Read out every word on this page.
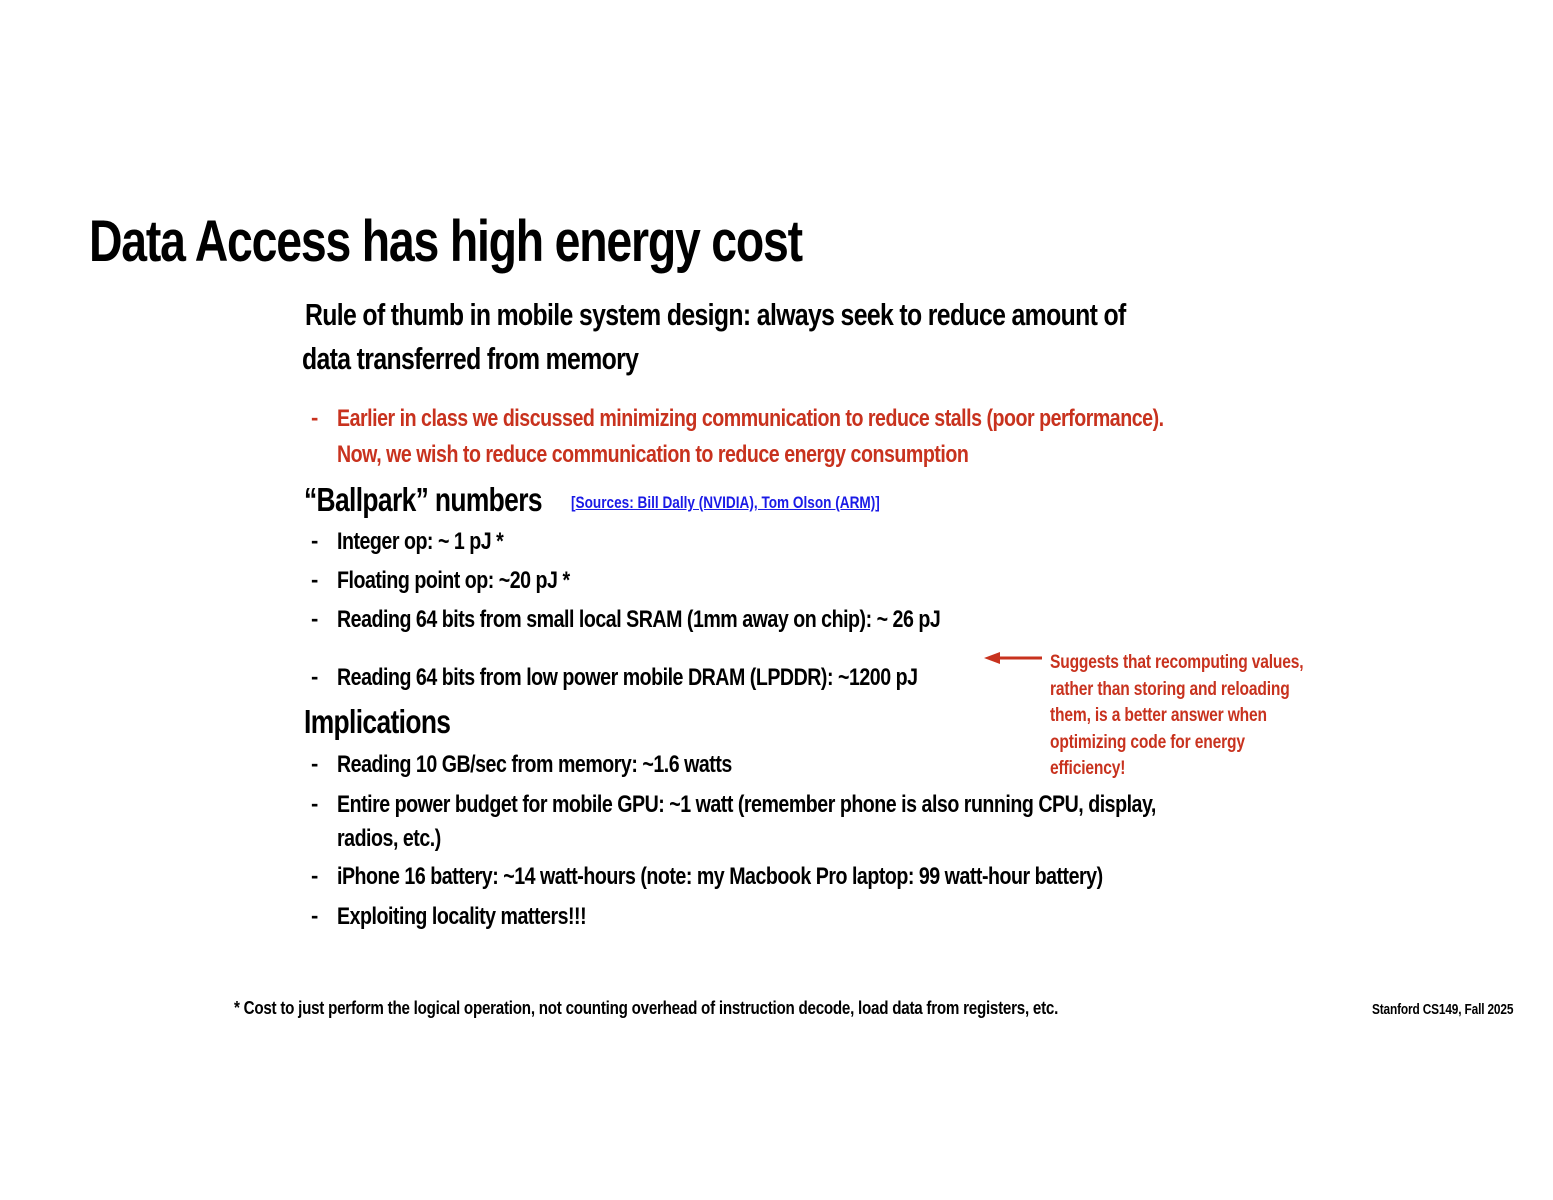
Data Access has high energy cost
Rule of thumb in mobile system design: always seek to reduce amount of
data transferred from memory
- Earlier in class we discussed minimizing communication to reduce stalls (poor performance).
Now, we wish to reduce communication to reduce energy consumption
“Ballpark” numbers [Sources: Bill Dally (NVIDIA), Tom Olson (ARM)]
- Integer op: ~ 1 pJ *
- Floating point op: ~20 pJ *
- Reading 64 bits from small local SRAM (1mm away on chip): ~ 26 pJ
- Reading 64 bits from low power mobile DRAM (LPDDR): ~1200 pJ
Suggests that recomputing values,
rather than storing and reloading
them, is a better answer when
optimizing code for energy
efficiency!
Implications
- Reading 10 GB/sec from memory: ~1.6 watts
- Entire power budget for mobile GPU: ~1 watt (remember phone is also running CPU, display,
radios, etc.)
- iPhone 16 battery: ~14 watt-hours (note: my Macbook Pro laptop: 99 watt-hour battery)
- Exploiting locality matters!!!
* Cost to just perform the logical operation, not counting overhead of instruction decode, load data from registers, etc.	Stanford CS149, Fall 2025
